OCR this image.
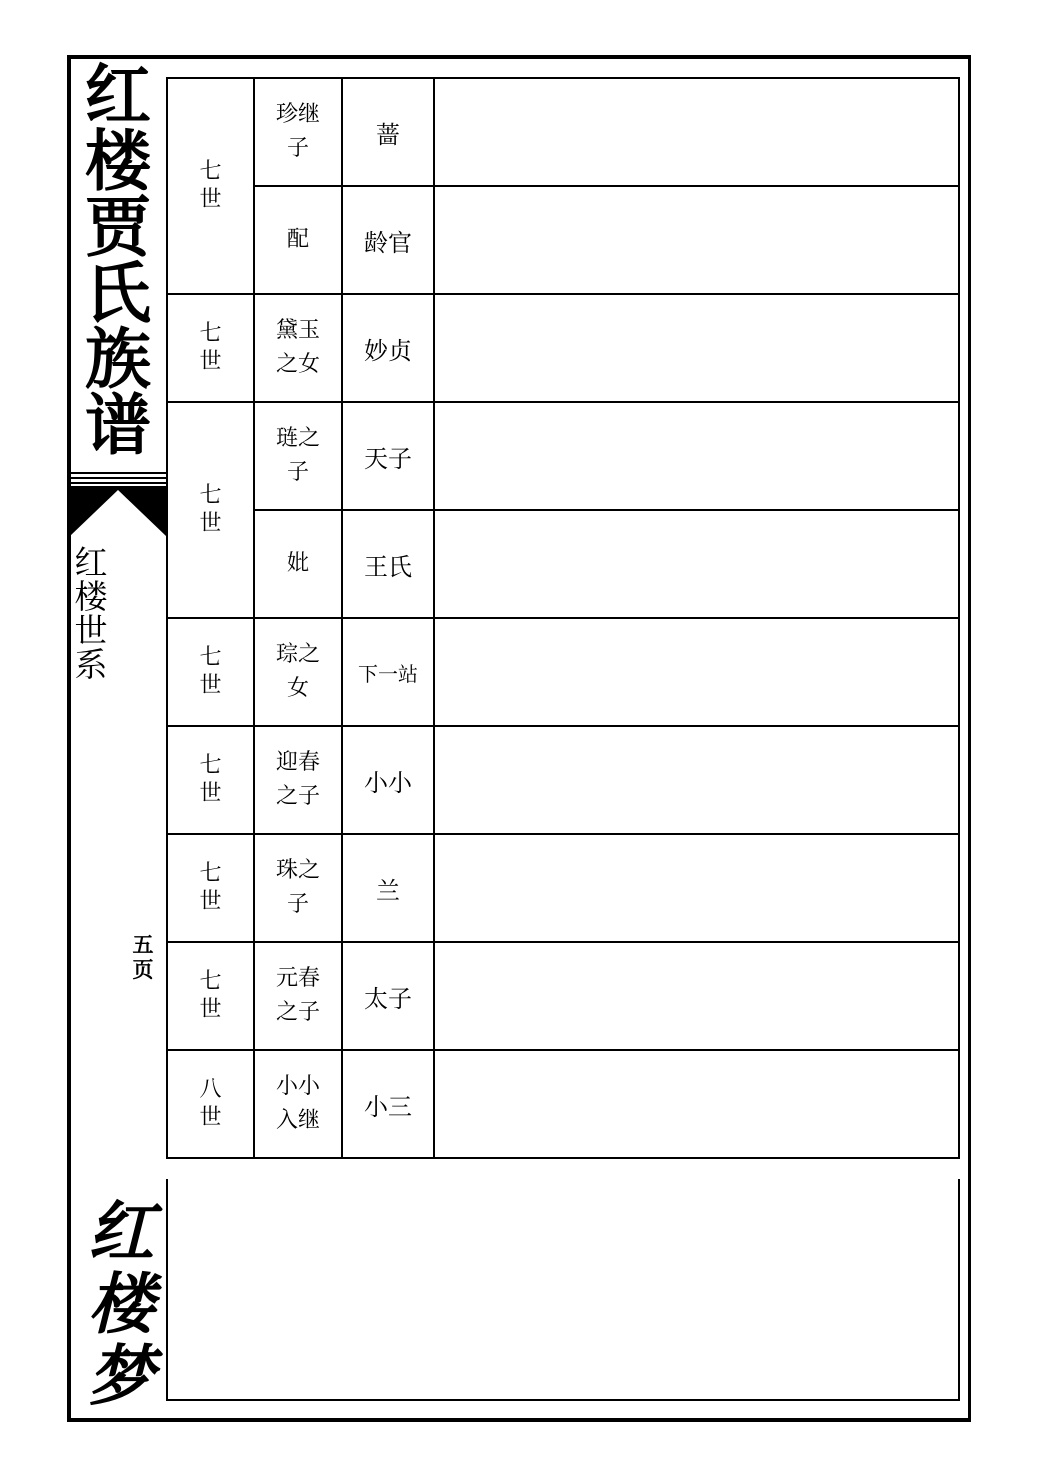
红
楼
贾
氏
族
谱
红
楼
世
系
五
页
红
楼
梦
七
世	珍继子	蔷	
	配	龄官	

七
世	黛玉之女	妙贞	

七
世	琏之子	天子	
	妣	王氏	

七
世	琮之女	下一站	

七
世	迎春之子	小小	

七
世	珠之子	兰	

七
世	元春之子	太子	

八
世	小小入继	小三	
